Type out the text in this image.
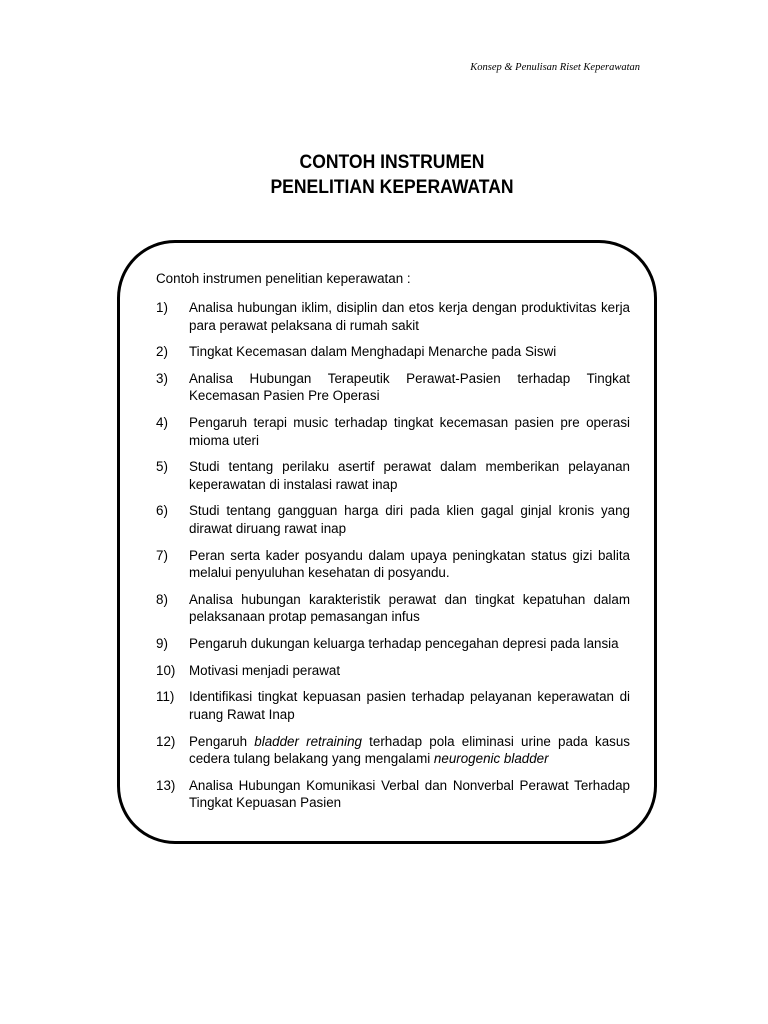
Konsep & Penulisan Riset Keperawatan
CONTOH INSTRUMEN
PENELITIAN KEPERAWATAN
Contoh instrumen penelitian keperawatan :
1)	Analisa hubungan iklim, disiplin dan etos kerja dengan produktivitas kerja para perawat pelaksana di rumah sakit
2)	Tingkat Kecemasan dalam Menghadapi Menarche pada Siswi
3)	Analisa Hubungan Terapeutik Perawat-Pasien terhadap Tingkat Kecemasan Pasien Pre Operasi
4)	Pengaruh terapi music terhadap tingkat kecemasan pasien pre operasi mioma uteri
5)	Studi tentang perilaku asertif perawat dalam memberikan pelayanan keperawatan di instalasi rawat inap
6)	Studi tentang gangguan harga diri pada klien gagal ginjal kronis yang dirawat diruang rawat inap
7)	Peran serta kader posyandu dalam upaya peningkatan status gizi balita melalui penyuluhan kesehatan di posyandu.
8)	Analisa hubungan karakteristik perawat dan tingkat kepatuhan dalam pelaksanaan protap pemasangan infus
9)	Pengaruh dukungan keluarga terhadap pencegahan depresi pada lansia
10)	Motivasi menjadi perawat
11)	Identifikasi tingkat kepuasan pasien terhadap pelayanan keperawatan di ruang Rawat Inap
12)	Pengaruh bladder retraining terhadap pola eliminasi urine pada kasus cedera tulang belakang yang mengalami neurogenic bladder
13)	Analisa Hubungan Komunikasi Verbal dan Nonverbal Perawat Terhadap Tingkat Kepuasan Pasien
